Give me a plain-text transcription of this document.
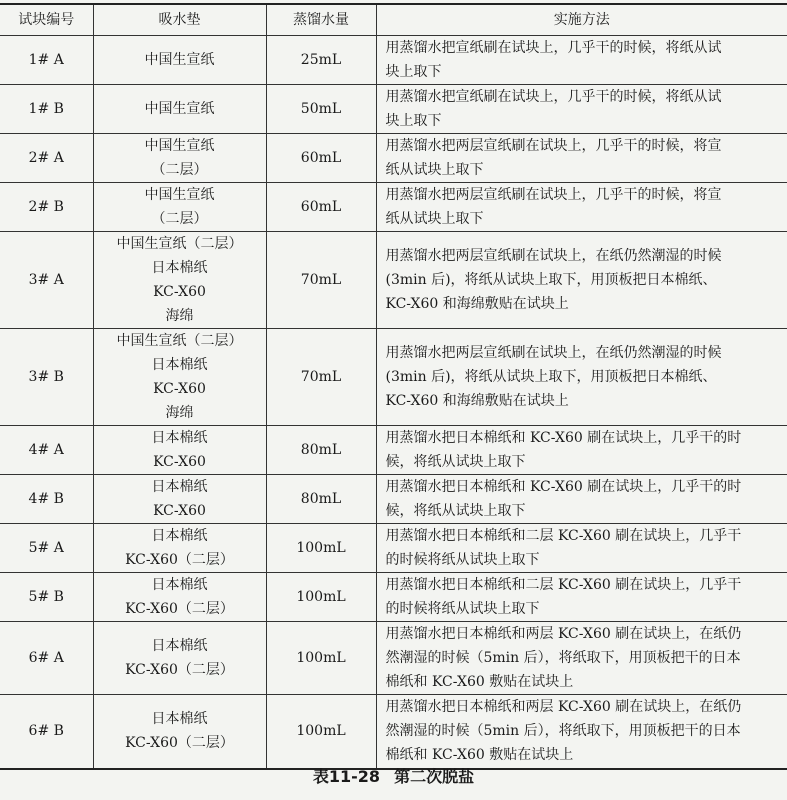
试块编号	吸水垫	蒸馏水量	实施方法
1# A	中国生宣纸	25mL	用蒸馏水把宣纸刷在试块上，几乎干的时候，将纸从试
块上取下

1# B	中国生宣纸	50mL	用蒸馏水把宣纸刷在试块上，几乎干的时候，将纸从试
块上取下

2# A	中国生宣纸
（二层）	60mL	用蒸馏水把两层宣纸刷在试块上，几乎干的时候，将宣
纸从试块上取下

2# B	中国生宣纸
（二层）	60mL	用蒸馏水把两层宣纸刷在试块上，几乎干的时候，将宣
纸从试块上取下

3# A	中国生宣纸（二层）
日本棉纸
KC-X60
海绵	70mL	用蒸馏水把两层宣纸刷在试块上，在纸仍然潮湿的时候
(3min 后)，将纸从试块上取下，用顶板把日本棉纸、
KC-X60 和海绵敷贴在试块上

3# B	中国生宣纸（二层）
日本棉纸
KC-X60
海绵	70mL	用蒸馏水把两层宣纸刷在试块上，在纸仍然潮湿的时候
(3min 后)，将纸从试块上取下，用顶板把日本棉纸、
KC-X60 和海绵敷贴在试块上

4# A	日本棉纸
KC-X60	80mL	用蒸馏水把日本棉纸和 KC-X60 刷在试块上，几乎干的时
候，将纸从试块上取下

4# B	日本棉纸
KC-X60	80mL	用蒸馏水把日本棉纸和 KC-X60 刷在试块上，几乎干的时
候，将纸从试块上取下

5# A	日本棉纸
KC-X60（二层）	100mL	用蒸馏水把日本棉纸和二层 KC-X60 刷在试块上，几乎干
的时候将纸从试块上取下

5# B	日本棉纸
KC-X60（二层）	100mL	用蒸馏水把日本棉纸和二层 KC-X60 刷在试块上，几乎干
的时候将纸从试块上取下

6# A	日本棉纸
KC-X60（二层）	100mL	用蒸馏水把日本棉纸和两层 KC-X60 刷在试块上，在纸仍
然潮湿的时候（5min 后），将纸取下，用顶板把干的日本
棉纸和 KC-X60 敷贴在试块上

6# B	日本棉纸
KC-X60（二层）	100mL	用蒸馏水把日本棉纸和两层 KC-X60 刷在试块上，在纸仍
然潮湿的时候（5min 后），将纸取下，用顶板把干的日本
棉纸和 KC-X60 敷贴在试块上
表11-28 第二次脱盐
